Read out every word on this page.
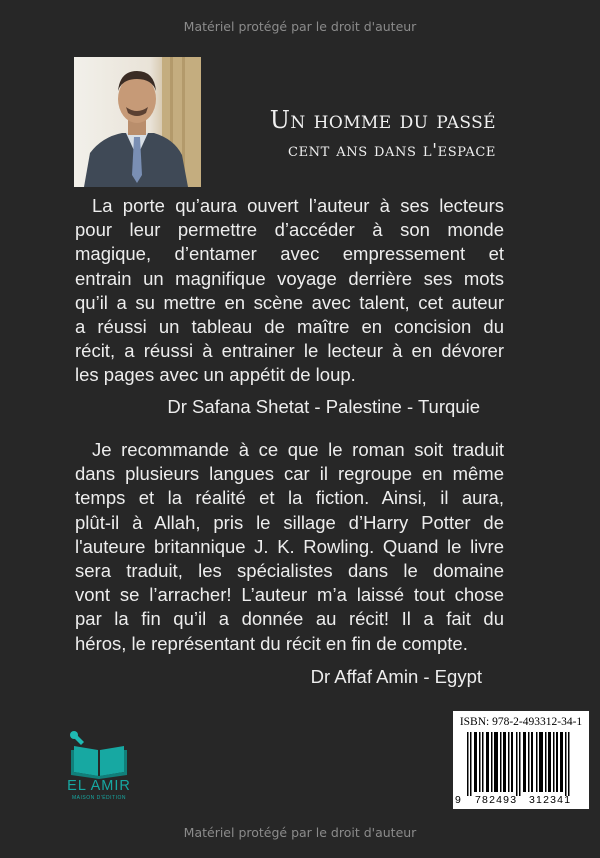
Matériel protégé par le droit d'auteur
Un homme du passé
cent ans dans l'espace
La porte qu’aura ouvert l’auteur à ses lecteurs
pour leur permettre d’accéder à son monde
magique, d’entamer avec empressement et
entrain un magnifique voyage derrière ses mots
qu’il a su mettre en scène avec talent, cet auteur
a réussi un tableau de maître en concision du
récit, a réussi à entrainer le lecteur à en dévorer
les pages avec un appétit de loup.
Dr Safana Shetat - Palestine - Turquie
Je recommande à ce que le roman soit traduit
dans plusieurs langues car il regroupe en même
temps et la réalité et la fiction. Ainsi, il aura,
plût-il à Allah, pris le sillage d’Harry Potter de
l'auteure britannique J. K. Rowling. Quand le livre
sera traduit, les spécialistes dans le domaine
vont se l’arracher! L’auteur m’a laissé tout chose
par la fin qu’il a donnée au récit! Il a fait du
héros, le représentant du récit en fin de compte.
Dr Affaf Amin - Egypt
EL AMIR
MAISON D'ÉDITION
ISBN: 978-2-493312-34-1
9 782493 312341
Matériel protégé par le droit d'auteur
